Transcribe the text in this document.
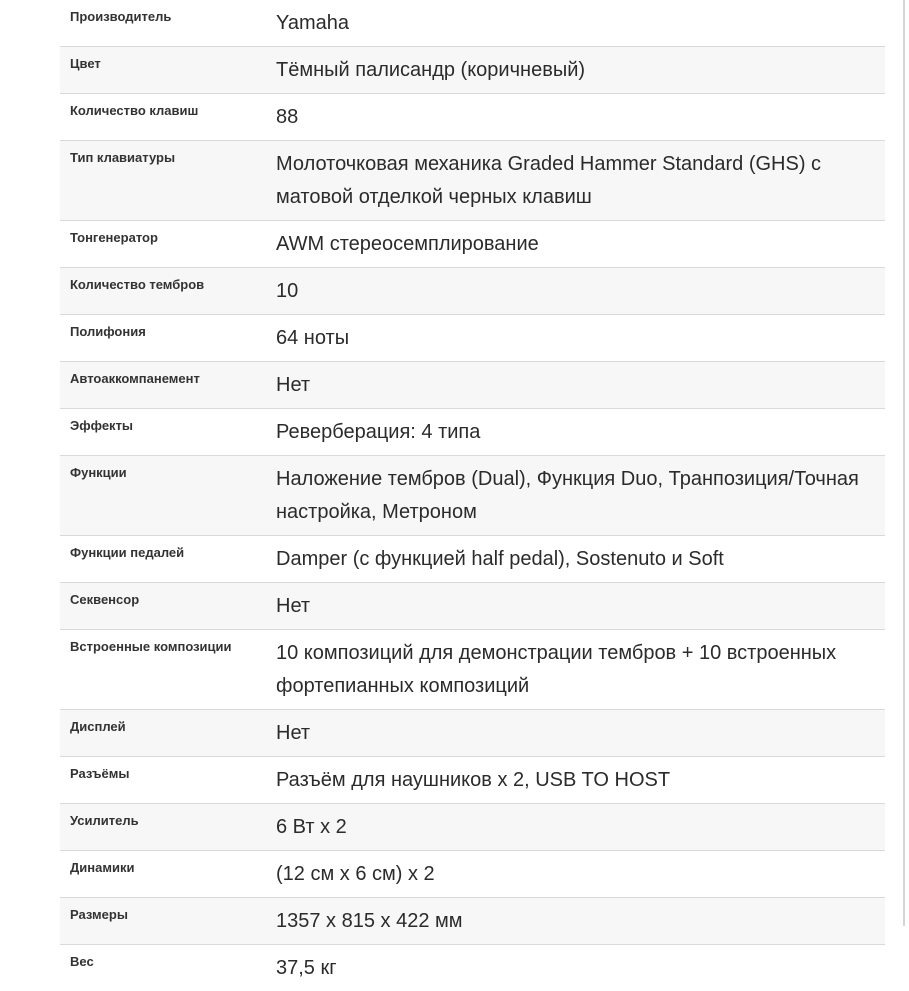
Производитель	Yamaha
Цвет	Тёмный палисандр (коричневый)
Количество клавиш	88
Тип клавиатуры	Молоточковая механика Graded Hammer Standard (GHS) с матовой отделкой черных клавиш
Тонгенератор	AWM стереосемплирование
Количество тембров	10
Полифония	64 ноты
Автоаккомпанемент	Нет
Эффекты	Реверберация: 4 типа
Функции	Наложение тембров (Dual), Функция Duo, Транпозиция/Точная настройка, Метроном
Функции педалей	Damper (с функцией half pedal), Sostenuto и Soft
Секвенсор	Нет
Встроенные композиции	10 композиций для демонстрации тембров + 10 встроенных фортепианных композиций
Дисплей	Нет
Разъёмы	Разъём для наушников х 2, USB TO HOST
Усилитель	6 Вт х 2
Динамики	(12 см х 6 см) х 2
Размеры	1357 х 815 х 422 мм
Вес	37,5 кг
